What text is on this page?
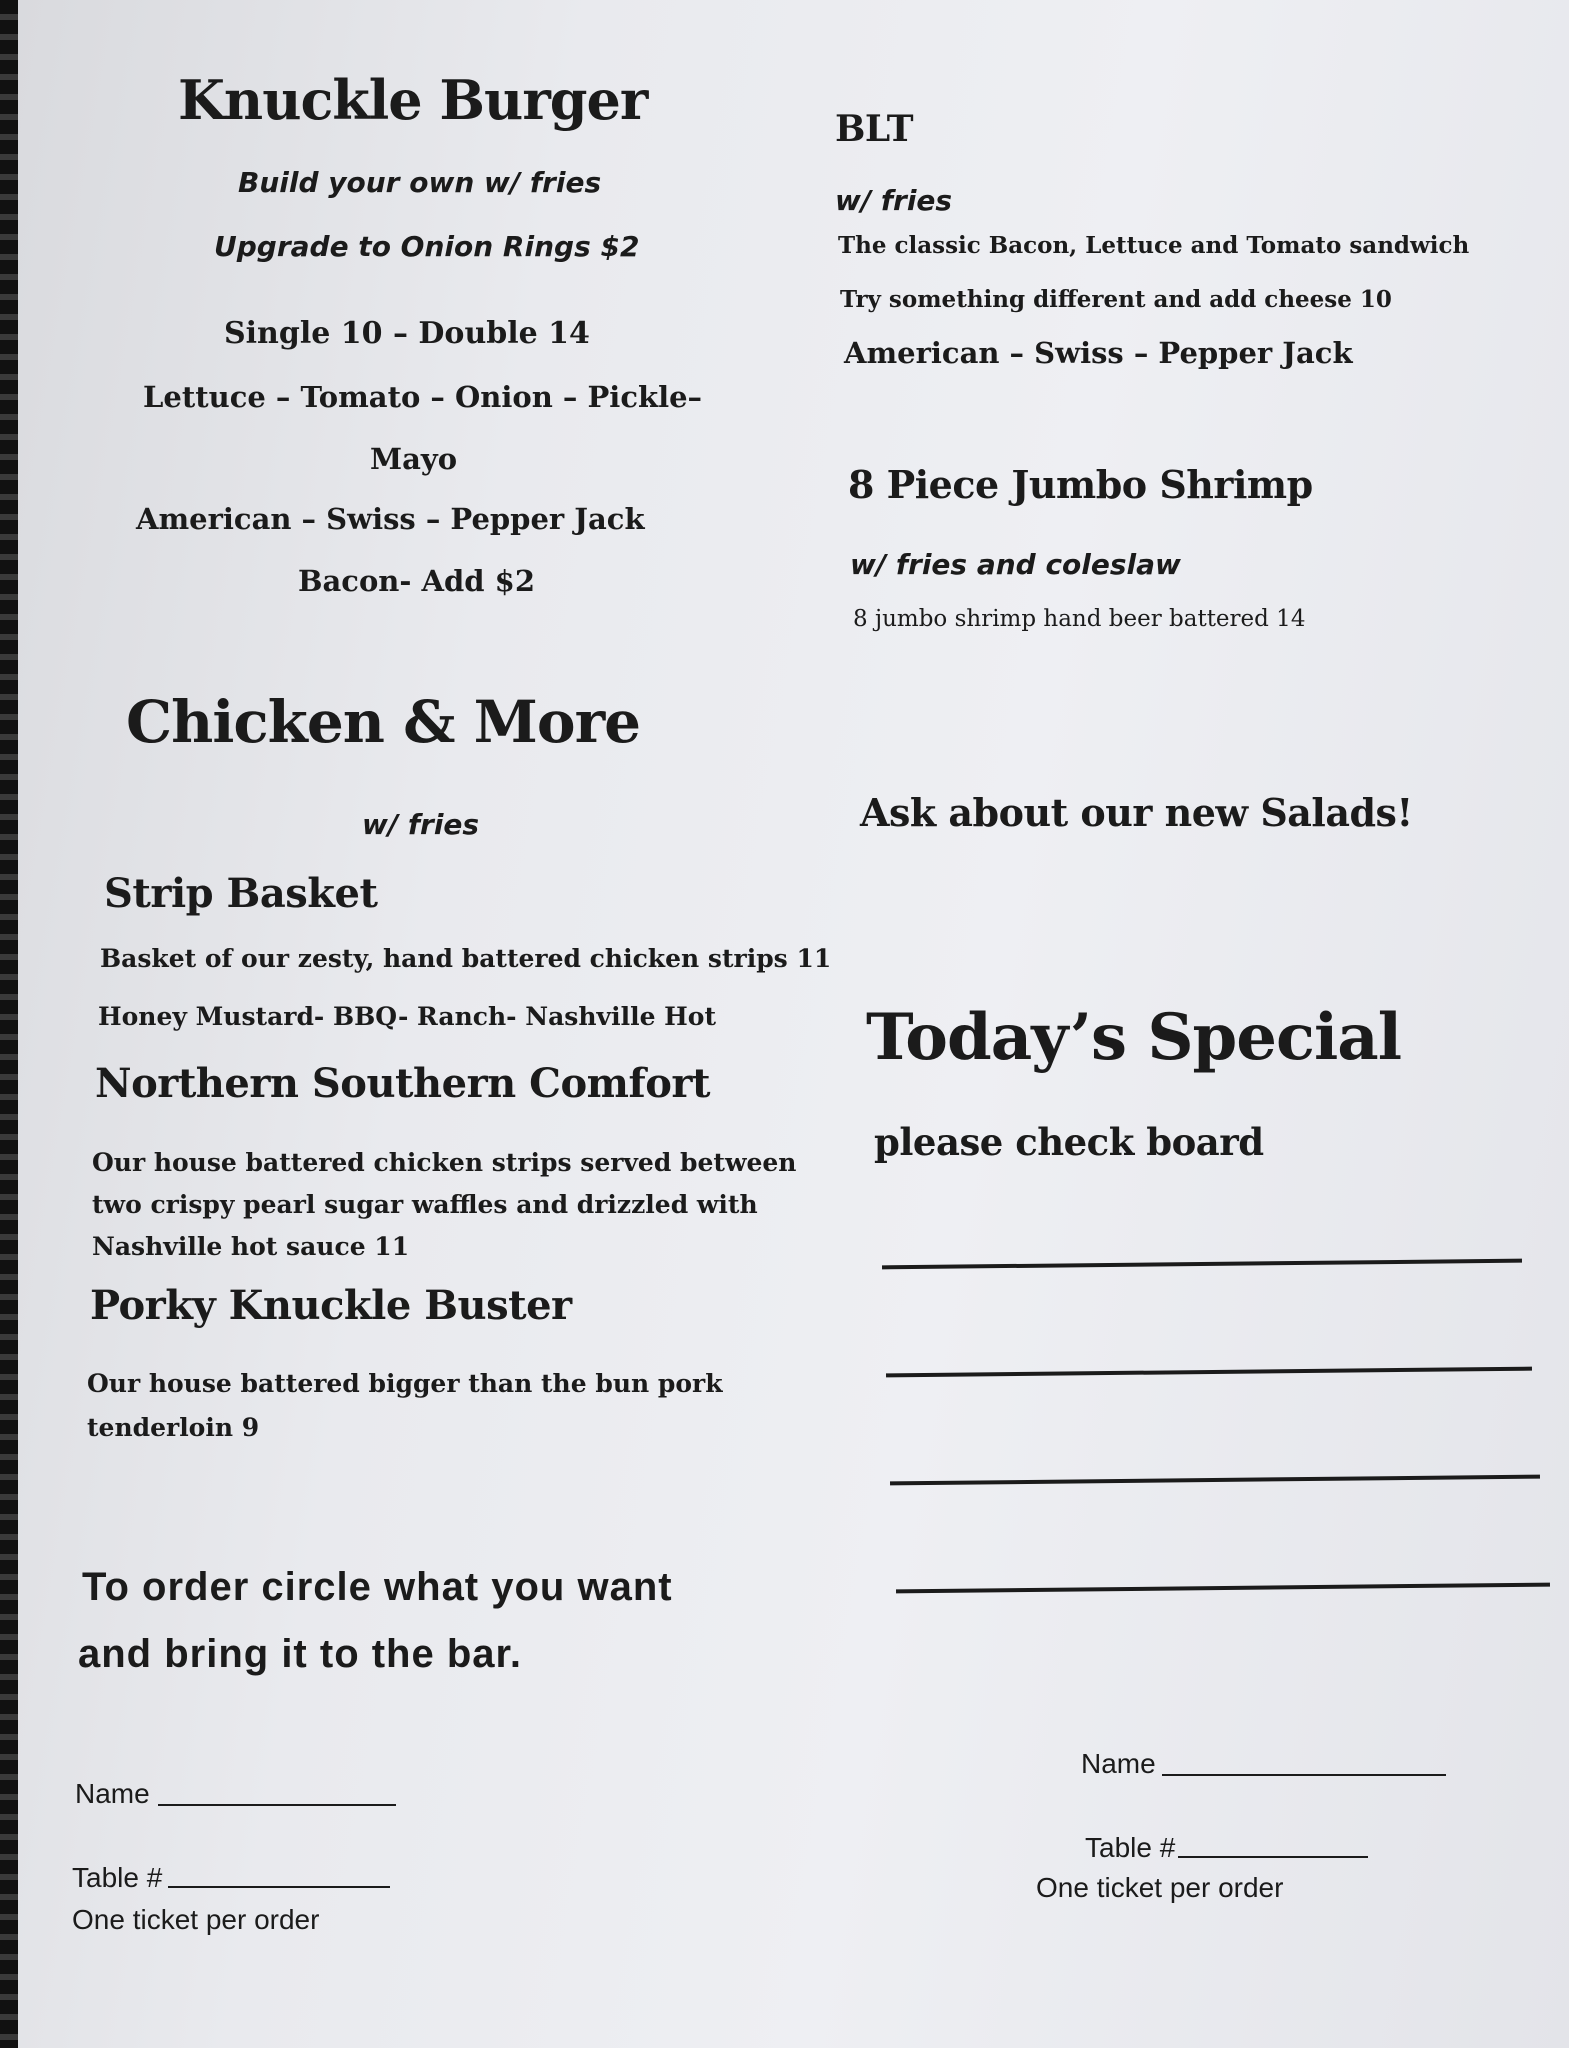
Knuckle Burger
Build your own w/ fries
Upgrade to Onion Rings $2
Single 10 – Double 14
Lettuce – Tomato – Onion – Pickle–
Mayo
American – Swiss – Pepper Jack
Bacon- Add $2
BLT
w/ fries
The classic Bacon, Lettuce and Tomato sandwich
Try something different and add cheese 10
American – Swiss – Pepper Jack
8 Piece Jumbo Shrimp
w/ fries and coleslaw
8 jumbo shrimp hand beer battered 14
Chicken & More
w/ fries
Strip Basket
Basket of our zesty, hand battered chicken strips 11
Honey Mustard- BBQ- Ranch- Nashville Hot
Northern Southern Comfort
Our house battered chicken strips served between two crispy pearl sugar waffles and drizzled with Nashville hot sauce 11
Porky Knuckle Buster
Our house battered bigger than the bun pork tenderloin 9
Ask about our new Salads!
Today’s Special
please check board
To order circle what you want
and bring it to the bar.
Name
Table #
One ticket per order
Name
Table #
One ticket per order
